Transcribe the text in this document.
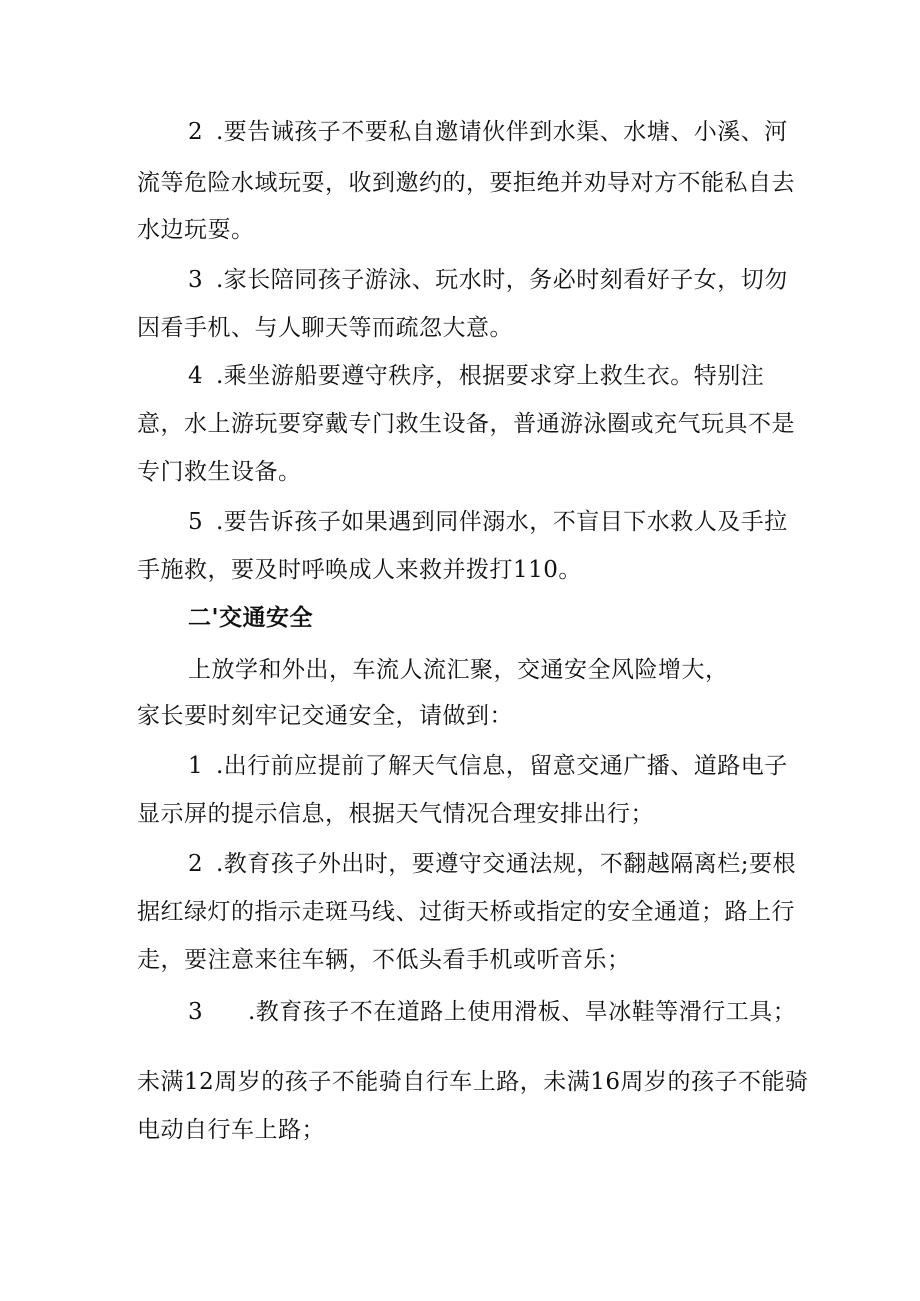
2 .要告诫孩子不要私自邀请伙伴到水渠、水塘、小溪、河

流等危险水域玩耍，收到邀约的，要拒绝并劝导对方不能私自去

水边玩耍。

3 .家长陪同孩子游泳、玩水时，务必时刻看好子女，切勿

因看手机、与人聊天等而疏忽大意。

4 .乘坐游船要遵守秩序，根据要求穿上救生衣。特别注

意，水上游玩要穿戴专门救生设备，普通游泳圈或充气玩具不是

专门救生设备。

5 .要告诉孩子如果遇到同伴溺水，不盲目下水救人及手拉

手施救，要及时呼唤成人来救并拨打110。

二'交通安全

上放学和外出，车流人流汇聚，交通安全风险增大，

家长要时刻牢记交通安全，请做到：

1 .出行前应提前了解天气信息，留意交通广播、道路电子

显示屏的提示信息，根据天气情况合理安排出行；

2 .教育孩子外出时，要遵守交通法规，不翻越隔离栏;要根

据红绿灯的指示走斑马线、过街天桥或指定的安全通道；路上行

走，要注意来往车辆，不低头看手机或听音乐；

3 .教育孩子不在道路上使用滑板、旱冰鞋等滑行工具；

未满12周岁的孩子不能骑自行车上路，未满16周岁的孩子不能骑

电动自行车上路；
